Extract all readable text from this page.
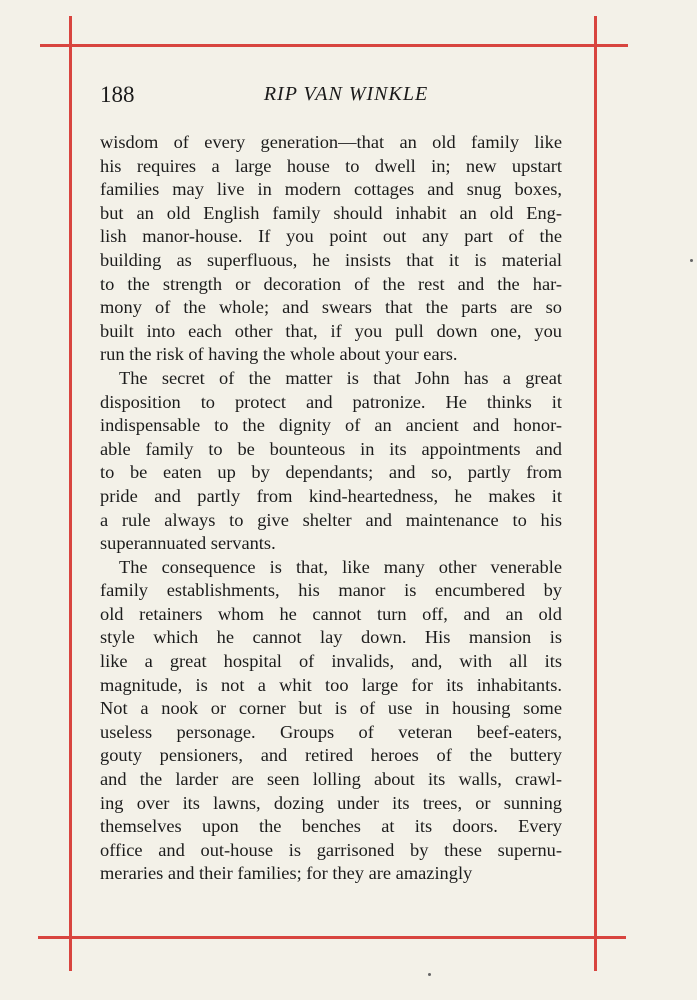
188	RIP VAN WINKLE
wisdom of every generation—that an old family like
his requires a large house to dwell in; new upstart
families may live in modern cottages and snug boxes,
but an old English family should inhabit an old Eng-
lish manor-house. If you point out any part of the
building as superfluous, he insists that it is material
to the strength or decoration of the rest and the har-
mony of the whole; and swears that the parts are so
built into each other that, if you pull down one, you
run the risk of having the whole about your ears.
The secret of the matter is that John has a great
disposition to protect and patronize. He thinks it
indispensable to the dignity of an ancient and honor-
able family to be bounteous in its appointments and
to be eaten up by dependants; and so, partly from
pride and partly from kind-heartedness, he makes it
a rule always to give shelter and maintenance to his
superannuated servants.
The consequence is that, like many other venerable
family establishments, his manor is encumbered by
old retainers whom he cannot turn off, and an old
style which he cannot lay down. His mansion is
like a great hospital of invalids, and, with all its
magnitude, is not a whit too large for its inhabitants.
Not a nook or corner but is of use in housing some
useless personage. Groups of veteran beef-eaters,
gouty pensioners, and retired heroes of the buttery
and the larder are seen lolling about its walls, crawl-
ing over its lawns, dozing under its trees, or sunning
themselves upon the benches at its doors. Every
office and out-house is garrisoned by these supernu-
meraries and their families; for they are amazingly
